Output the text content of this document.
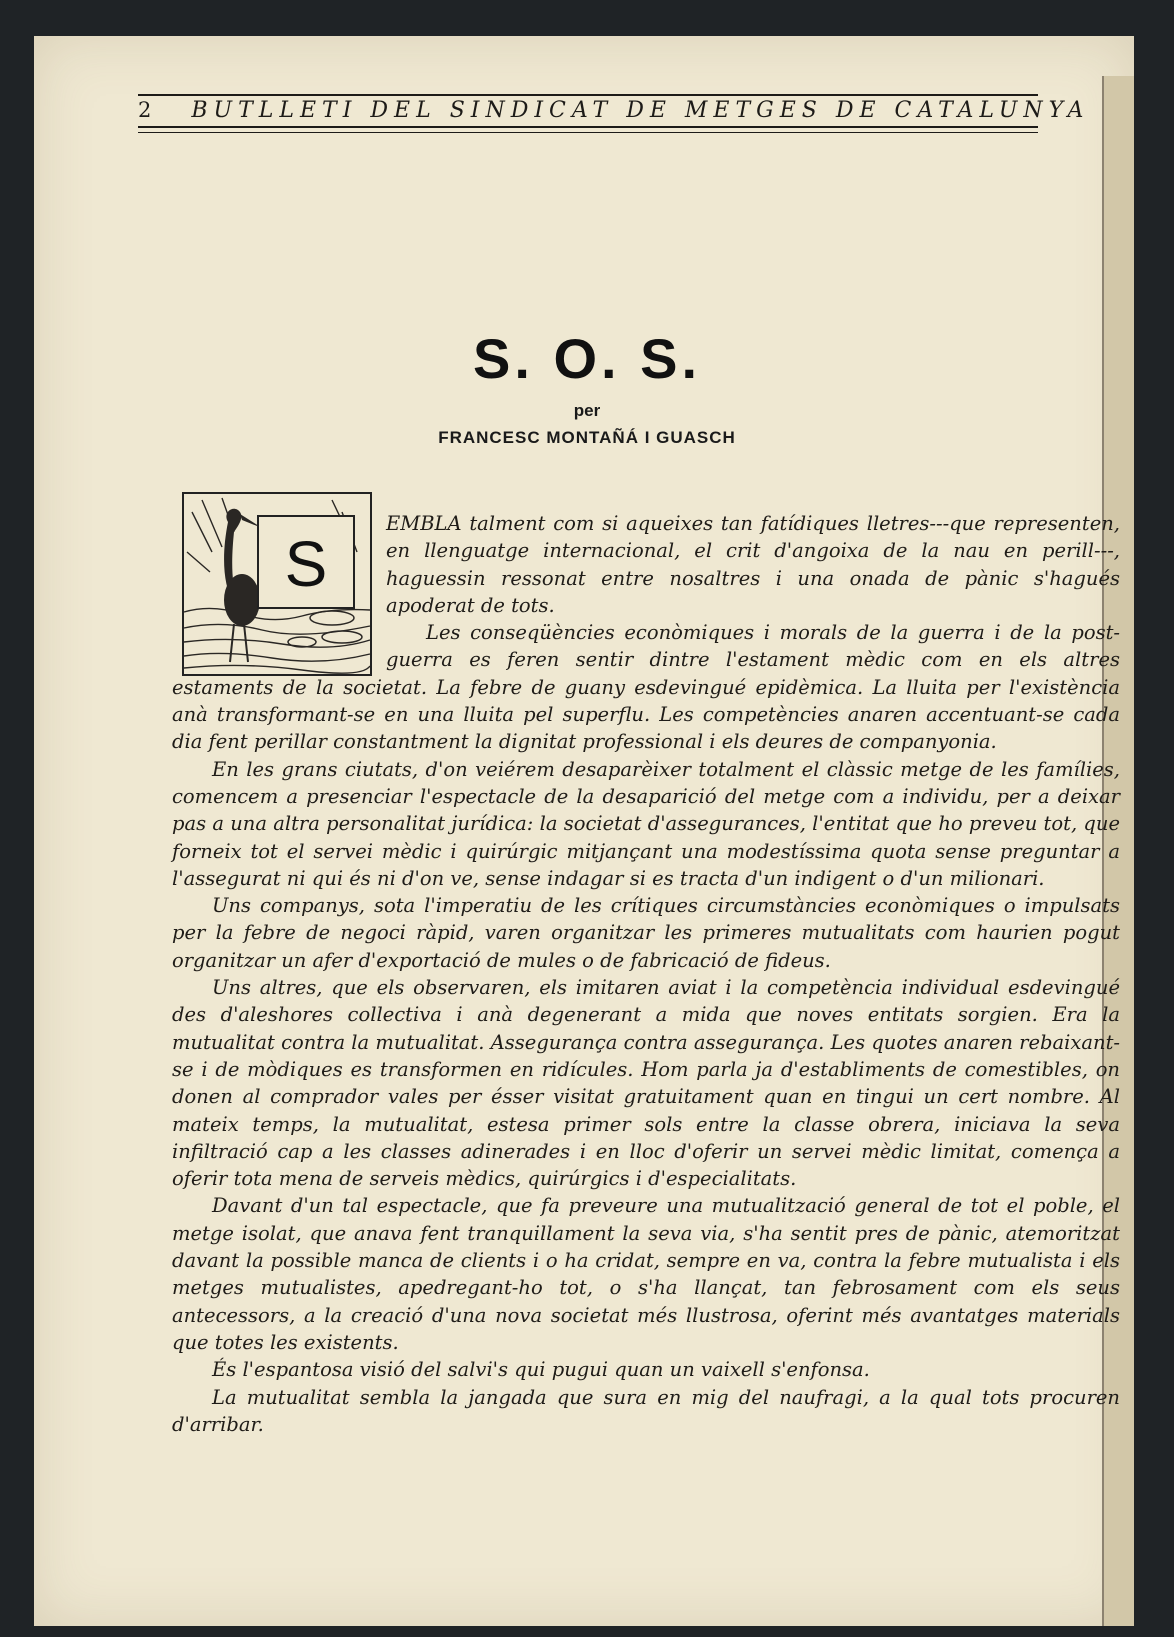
2 BUTLLETI DEL SINDICAT DE METGES DE CATALUNYA
S. O. S.
per
FRANCESC MONTAÑÁ I GUASCH
S

EMBLA talment com si aqueixes tan fatídiques lletres---que representen, en llenguatge internacional, el crit d'angoixa de la nau en perill---, haguessin ressonat entre nosaltres i una onada de pànic s'hagués apoderat de tots.

Les conseqüències econòmiques i morals de la guerra i de la post-guerra es feren sentir dintre l'estament mèdic com en els altres estaments de la societat. La febre de guany esdevingué epidèmica. La lluita per l'existència anà transformant-se en una lluita pel superflu. Les competències anaren accentuant-se cada dia fent perillar constantment la dignitat professional i els deures de companyonia.

En les grans ciutats, d'on veiérem desaparèixer totalment el clàssic metge de les famílies, comencem a presenciar l'espectacle de la desaparició del metge com a individu, per a deixar pas a una altra personalitat jurídica: la societat d'assegurances, l'entitat que ho preveu tot, que forneix tot el servei mèdic i quirúrgic mitjançant una modestíssima quota sense preguntar a l'assegurat ni qui és ni d'on ve, sense indagar si es tracta d'un indigent o d'un milionari.

Uns companys, sota l'imperatiu de les crítiques circumstàncies econòmiques o impulsats per la febre de negoci ràpid, varen organitzar les primeres mutualitats com haurien pogut organitzar un afer d'exportació de mules o de fabricació de fideus.

Uns altres, que els observaren, els imitaren aviat i la competència individual esdevingué des d'aleshores collectiva i anà degenerant a mida que noves entitats sorgien. Era la mutualitat contra la mutualitat. Assegurança contra assegurança. Les quotes anaren rebaixant-se i de mòdiques es transformen en ridícules. Hom parla ja d'establiments de comestibles, on donen al comprador vales per ésser visitat gratuitament quan en tingui un cert nombre. Al mateix temps, la mutualitat, estesa primer sols entre la classe obrera, iniciava la seva infiltració cap a les classes adinerades i en lloc d'oferir un servei mèdic limitat, comença a oferir tota mena de serveis mèdics, quirúrgics i d'especialitats.

Davant d'un tal espectacle, que fa preveure una mutualització general de tot el poble, el metge isolat, que anava fent tranquillament la seva via, s'ha sentit pres de pànic, atemoritzat davant la possible manca de clients i o ha cridat, sempre en va, contra la febre mutualista i els metges mutualistes, apedregant-ho tot, o s'ha llançat, tan febrosament com els seus antecessors, a la creació d'una nova societat més llustrosa, oferint més avantatges materials que totes les existents.

És l'espantosa visió del salvi's qui pugui quan un vaixell s'enfonsa.

La mutualitat sembla la jangada que sura en mig del naufragi, a la qual tots procuren d'arribar.
